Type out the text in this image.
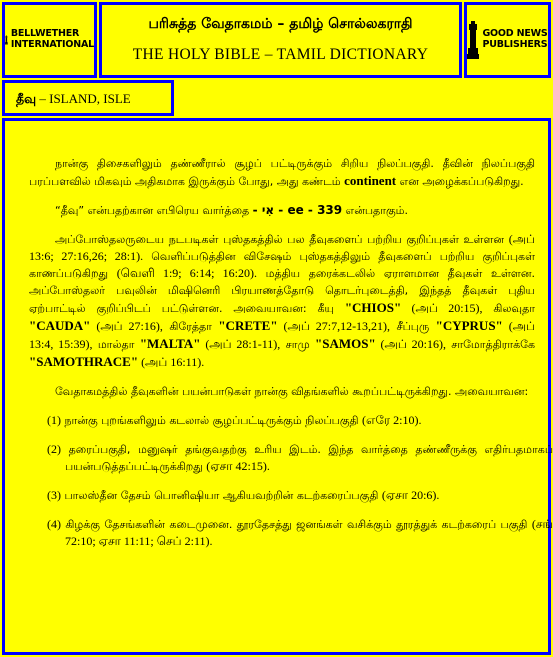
BELLWETHER
INTERNATIONAL
பரிசுத்த வேதாகமம் – தமிழ் சொல்லகராதி
THE HOLY BIBLE – TAMIL DICTIONARY
GOOD NEWS
PUBLISHERS
தீவு – ISLAND, ISLE

நான்கு திசைகளிலும் தண்ணீரால் சூழப் பட்டிருக்கும் சிறிய நிலப்பகுதி. தீவின் நிலப்பகுதி பரப்பளவில் மிகவும் அதிகமாக இருக்கும் போது, அது கண்டம் continent என அழைக்கப்படுகிறது.

“தீவு” என்பதற்கான எபிரெய வார்த்தை - אִי - ee - 339 என்பதாகும்.

அப்போஸ்தலருடைய நடபடிகள் புஸ்தகத்தில் பல தீவுகளைப் பற்றிய குறிப்புகள் உள்ளன (அப் 13:6; 27:16,26; 28:1). வெளிப்படுத்தின விசேஷம் புஸ்தகத்திலும் தீவுகளைப் பற்றிய குறிப்புகள் காணப்படுகிறது (வெளி 1:9; 6:14; 16:20). மத்திய தரைக்கடலில் ஏராளமான தீவுகள் உள்ளன. அப்போஸ்தலர் பவுலின் மிஷினெரி பிரயாணத்தோடு தொடர்புடைத்தி, இந்தத் தீவுகள் புதிய ஏற்பாட்டில் குறிப்பிடப் பட்டுள்ளன. அவையாவன: கீயு "CHIOS" (அப் 20:15), கிலவுதா "CAUDA" (அப் 27:16), கிரேத்தா "CRETE" (அப் 27:7,12-13,21), சீப்புரு "CYPRUS" (அப் 13:4, 15:39), மால்தா "MALTA" (அப் 28:1-11), சாமு "SAMOS" (அப் 20:16), சாமோத்திராக்கே "SAMOTHRACE" (அப் 16:11).

வேதாகமத்தில் தீவுகளின் பயன்பாடுகள் நான்கு விதங்களில் கூறப்பட்டிருக்கிறது. அவையாவன:

(1) நான்கு புறங்களிலும் கடலால் சூழப்பட்டிருக்கும் நிலப்பகுதி (எரே 2:10).
(2) தரைப்பகுதி, மனுஷர் தங்குவதற்கு உரிய இடம். இந்த வார்த்தை தண்ணீருக்கு எதிர்பதமாகப் பயன்படுத்தப்பட்டிருக்கிறது (ஏசா 42:15).
(3) பாலஸ்தீன தேசம் பொனிஷியா ஆகியவற்றின் கடற்கரைப்பகுதி (ஏசா 20:6).
(4) கிழக்கு தேசங்களின் கடைமுனை. தூரதேசத்து ஜனங்கள் வசிக்கும் தூரத்துக் கடற்கரைப் பகுதி (சங் 72:10; ஏசா 11:11; செப் 2:11).
